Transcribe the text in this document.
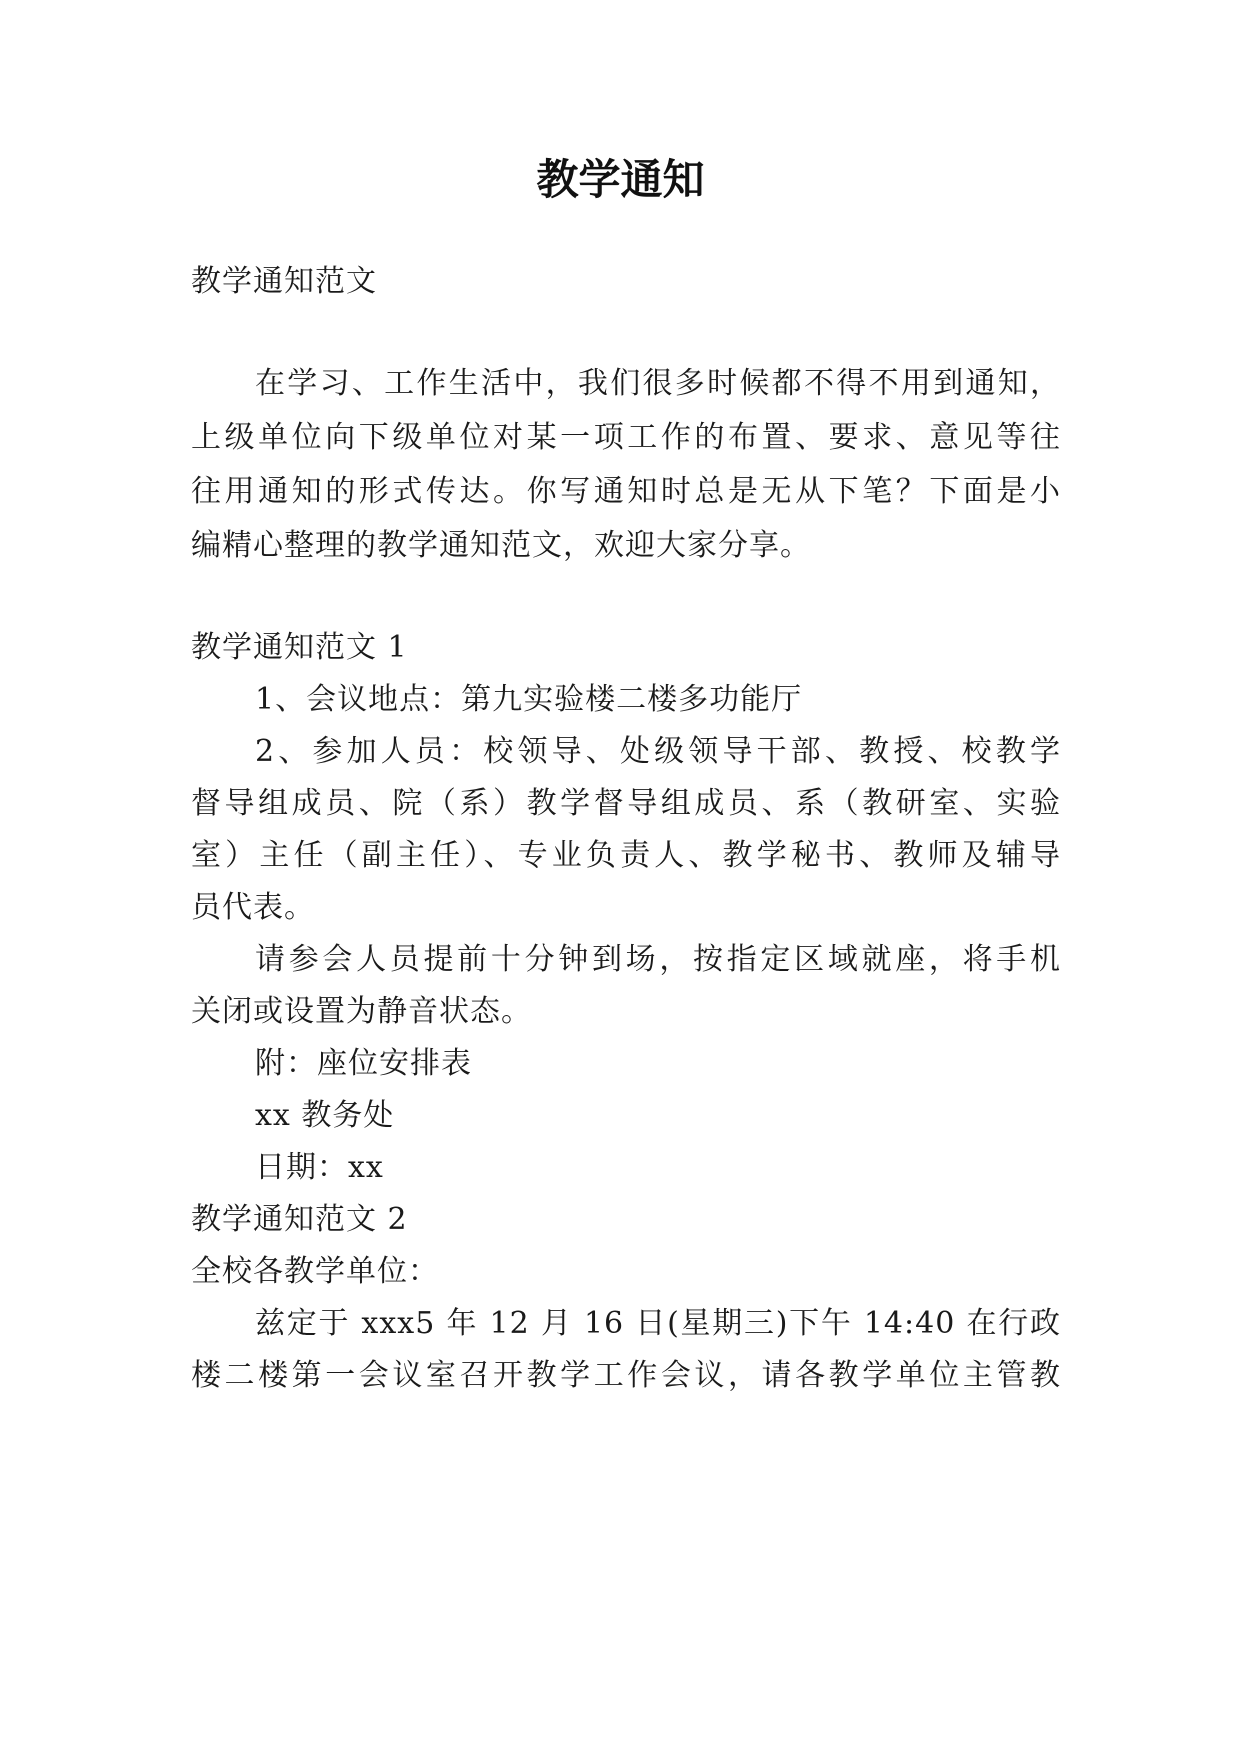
教学通知
教学通知范文
在学习、工作生活中，我们很多时候都不得不用到通知，
上级单位向下级单位对某一项工作的布置、要求、意见等往
往用通知的形式传达。你写通知时总是无从下笔？下面是小
编精心整理的教学通知范文，欢迎大家分享。
教学通知范文 1
1、会议地点：第九实验楼二楼多功能厅
2、参加人员：校领导、处级领导干部、教授、校教学
督导组成员、院（系）教学督导组成员、系（教研室、实验
室）主任（副主任）、专业负责人、教学秘书、教师及辅导
员代表。
请参会人员提前十分钟到场，按指定区域就座，将手机
关闭或设置为静音状态。
附：座位安排表
xx 教务处
日期：xx
教学通知范文 2
全校各教学单位：
兹定于 xxx5 年 12 月 16 日(星期三)下午 14:40 在行政
楼二楼第一会议室召开教学工作会议，请各教学单位主管教
